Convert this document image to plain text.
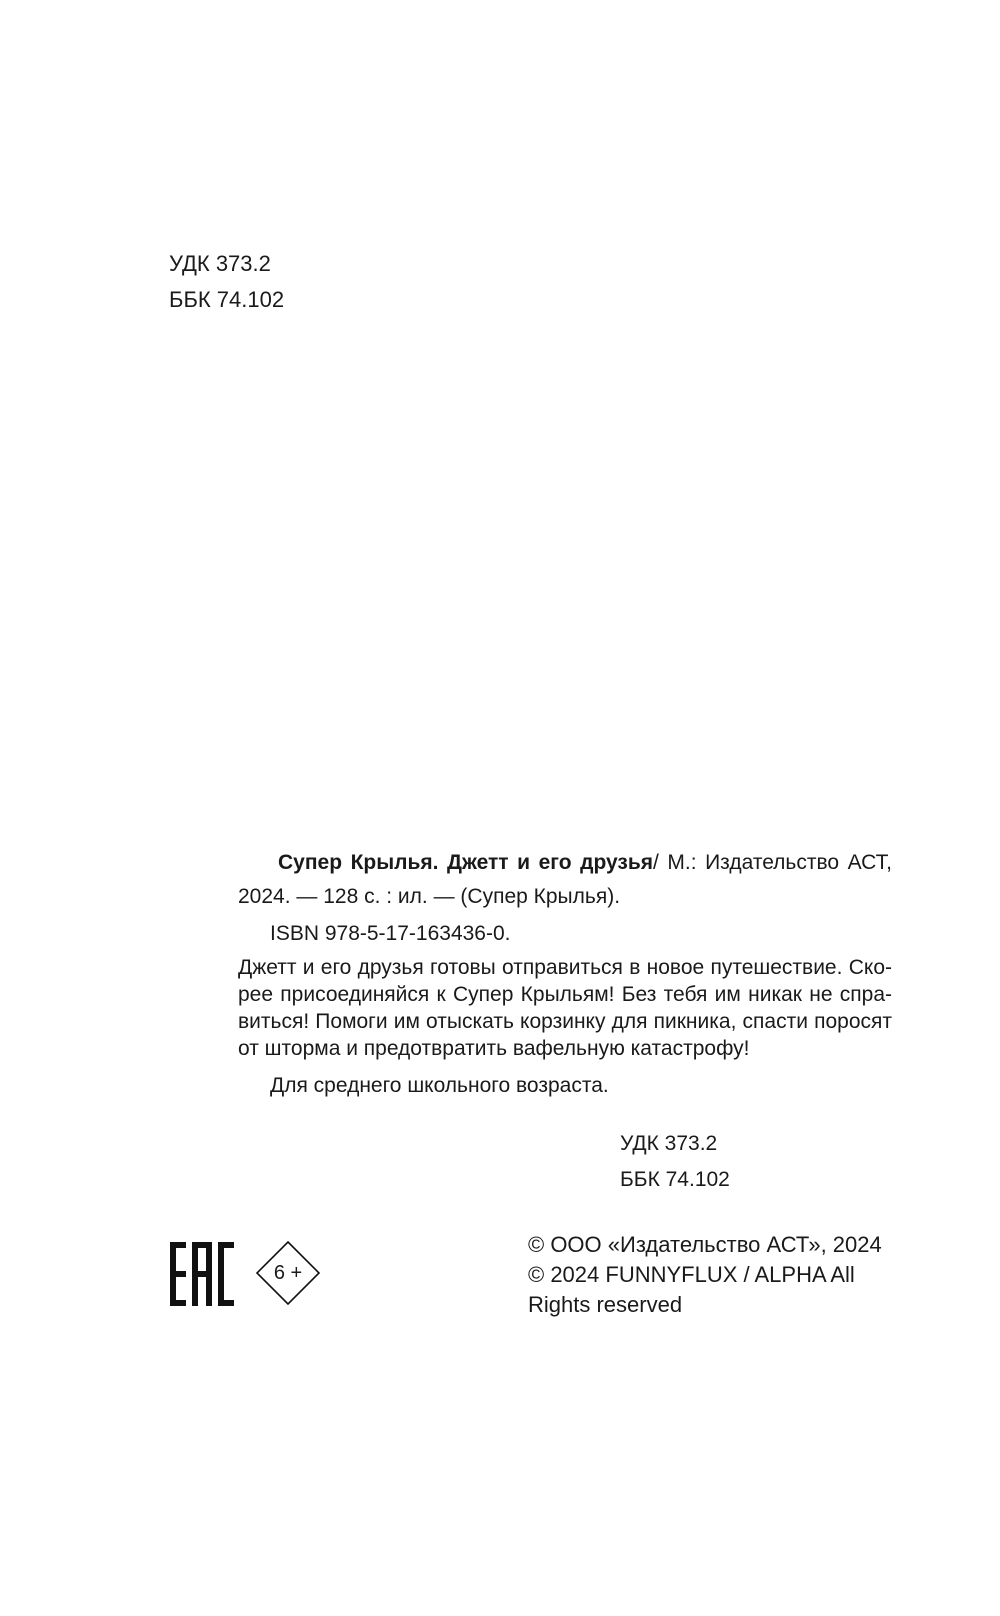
УДК 373.2
ББК 74.102
Супер Крылья. Джетт и его друзья/ М.: Издательство АСТ,
2024. — 128 с. : ил. — (Супер Крылья).
ISBN 978-5-17-163436-0.
Джетт и его друзья готовы отправиться в новое путешествие. Ско-
рее присоединяйся к Супер Крыльям! Без тебя им никак не спра-
виться! Помоги им отыскать корзинку для пикника, спасти поросят
от шторма и предотвратить вафельную катастрофу!
Для среднего школьного возраста.
УДК 373.2
ББК 74.102
6 +
© ООО «Издательство АСТ», 2024
© 2024 FUNNYFLUX / ALPHA All
Rights reserved
